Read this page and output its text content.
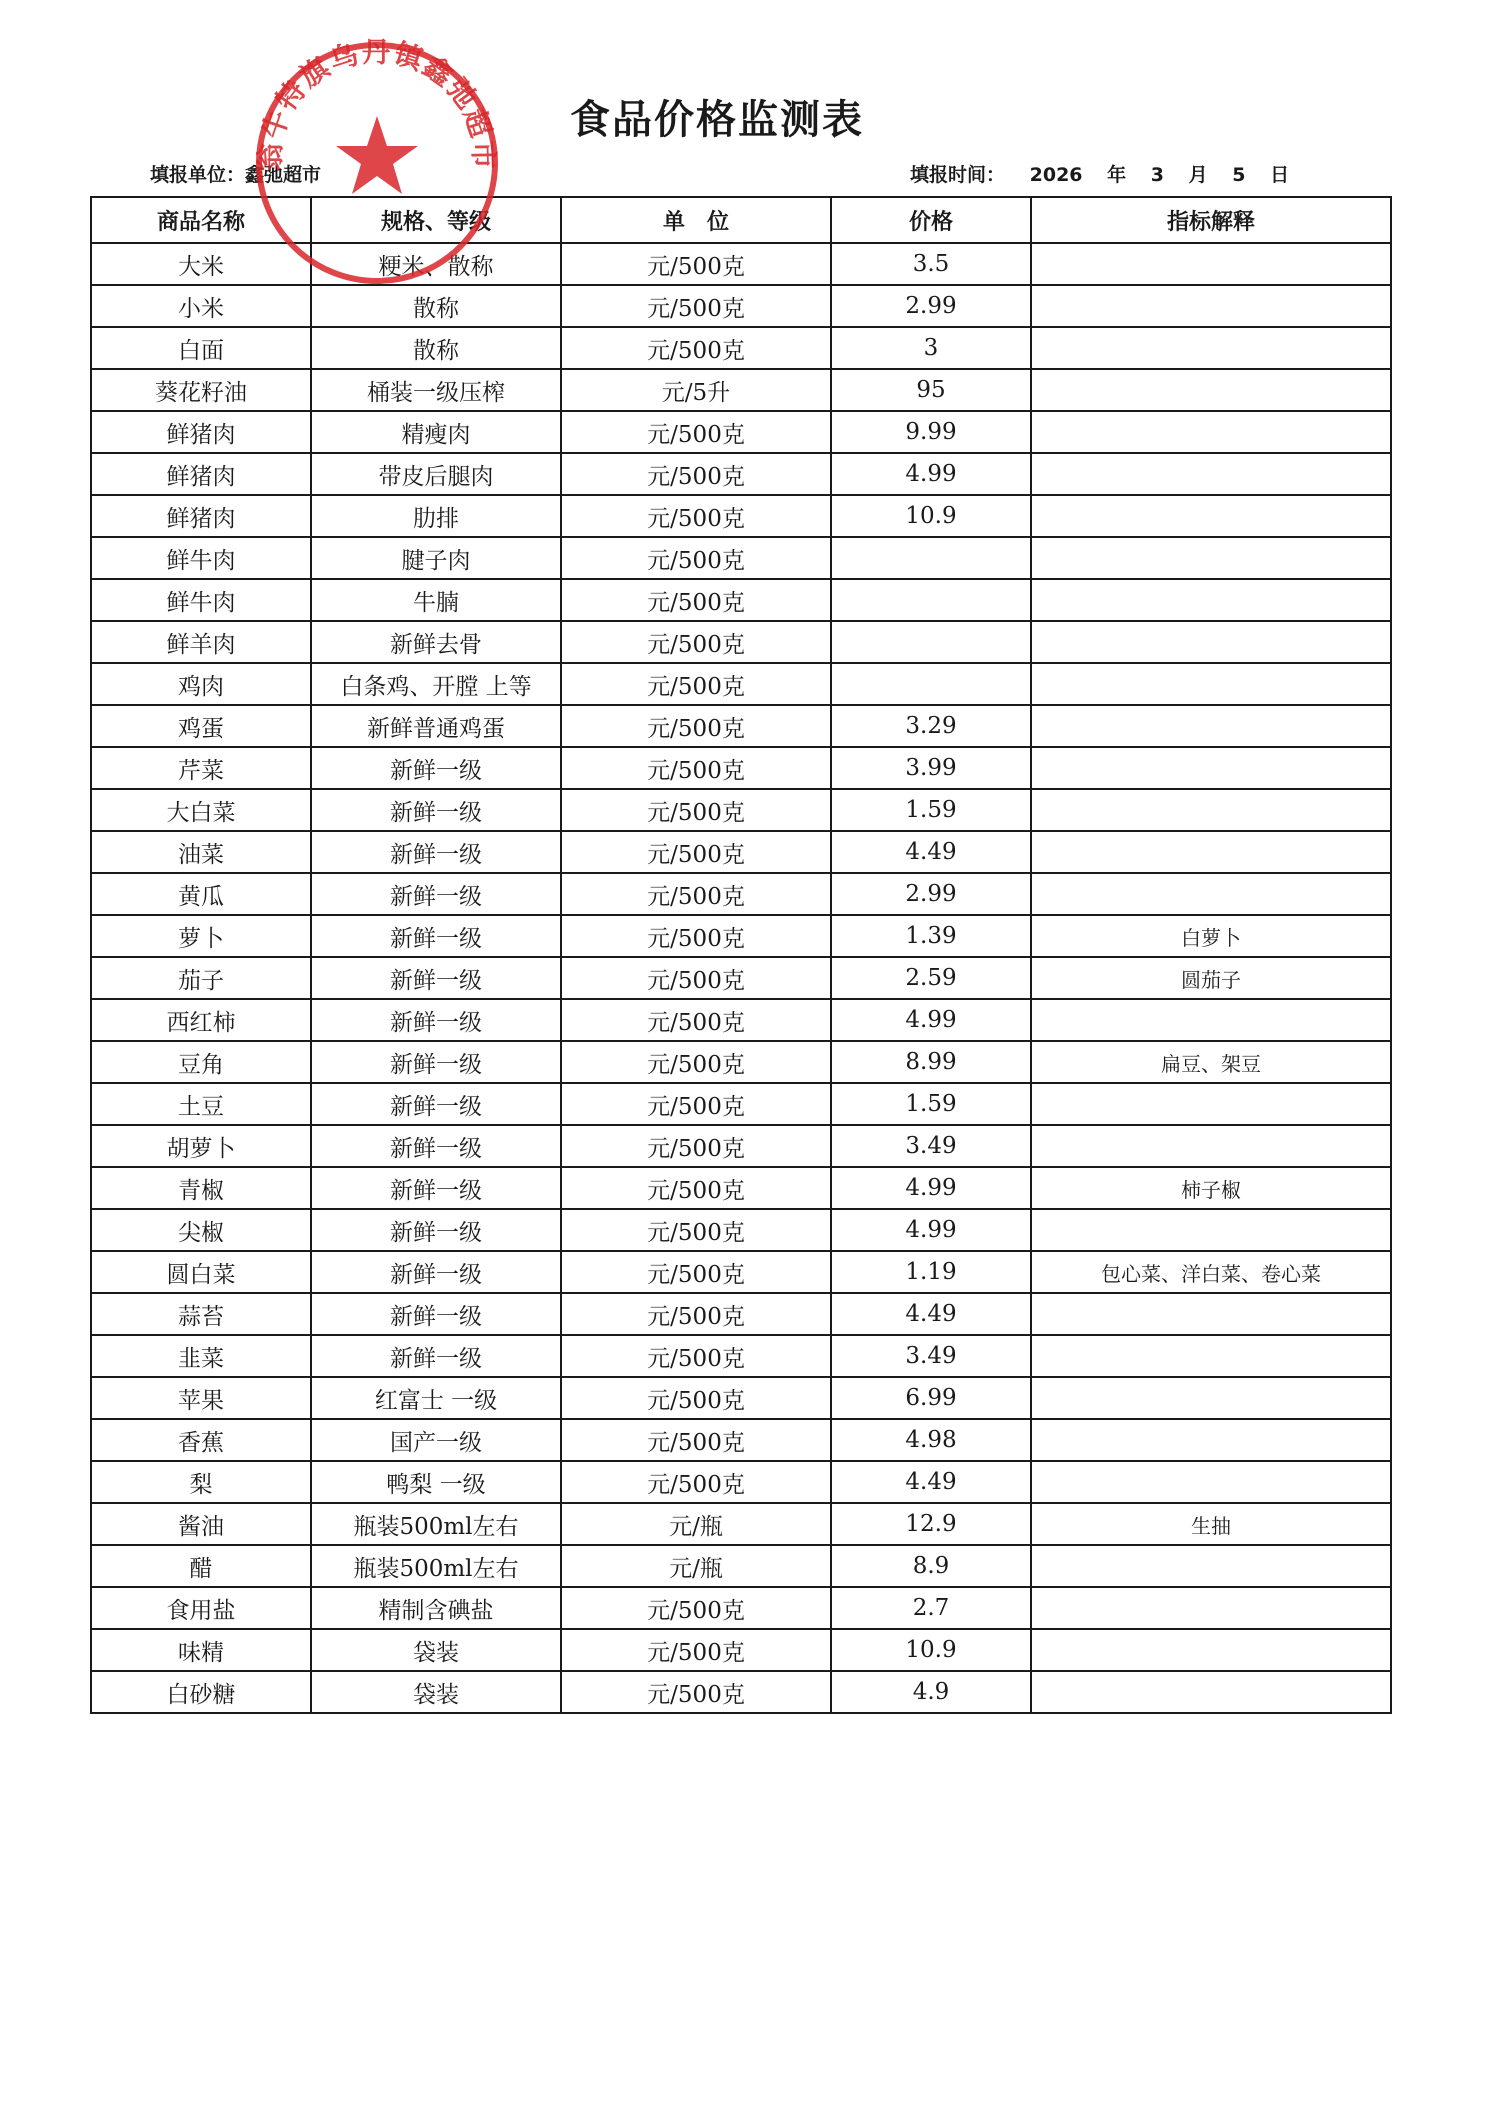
食品价格监测表
填报单位：鑫弛超市	填报时间： 2026 年 3 月 5 日
商品名称	规格、等级	单　位	价格	指标解释
大米	粳米、散称	元/500克	3.5	
小米	散称	元/500克	2.99	
白面	散称	元/500克	3	
葵花籽油	桶装一级压榨	元/5升	95	
鲜猪肉	精瘦肉	元/500克	9.99	
鲜猪肉	带皮后腿肉	元/500克	4.99	
鲜猪肉	肋排	元/500克	10.9	
鲜牛肉	腱子肉	元/500克		
鲜牛肉	牛腩	元/500克		
鲜羊肉	新鲜去骨	元/500克		
鸡肉	白条鸡、开膛 上等	元/500克		
鸡蛋	新鲜普通鸡蛋	元/500克	3.29	
芹菜	新鲜一级	元/500克	3.99	
大白菜	新鲜一级	元/500克	1.59	
油菜	新鲜一级	元/500克	4.49	
黄瓜	新鲜一级	元/500克	2.99	
萝卜	新鲜一级	元/500克	1.39	白萝卜
茄子	新鲜一级	元/500克	2.59	圆茄子
西红柿	新鲜一级	元/500克	4.99	
豆角	新鲜一级	元/500克	8.99	扁豆、架豆
土豆	新鲜一级	元/500克	1.59	
胡萝卜	新鲜一级	元/500克	3.49	
青椒	新鲜一级	元/500克	4.99	柿子椒
尖椒	新鲜一级	元/500克	4.99	
圆白菜	新鲜一级	元/500克	1.19	包心菜、洋白菜、卷心菜
蒜苔	新鲜一级	元/500克	4.49	
韭菜	新鲜一级	元/500克	3.49	
苹果	红富士 一级	元/500克	6.99	
香蕉	国产一级	元/500克	4.98	
梨	鸭梨 一级	元/500克	4.49	
酱油	瓶装500ml左右	元/瓶	12.9	生抽
醋	瓶装500ml左右	元/瓶	8.9	
食用盐	精制含碘盐	元/500克	2.7	
味精	袋装	元/500克	10.9	
白砂糖	袋装	元/500克	4.9	
翁牛特旗乌丹镇鑫弛超市
